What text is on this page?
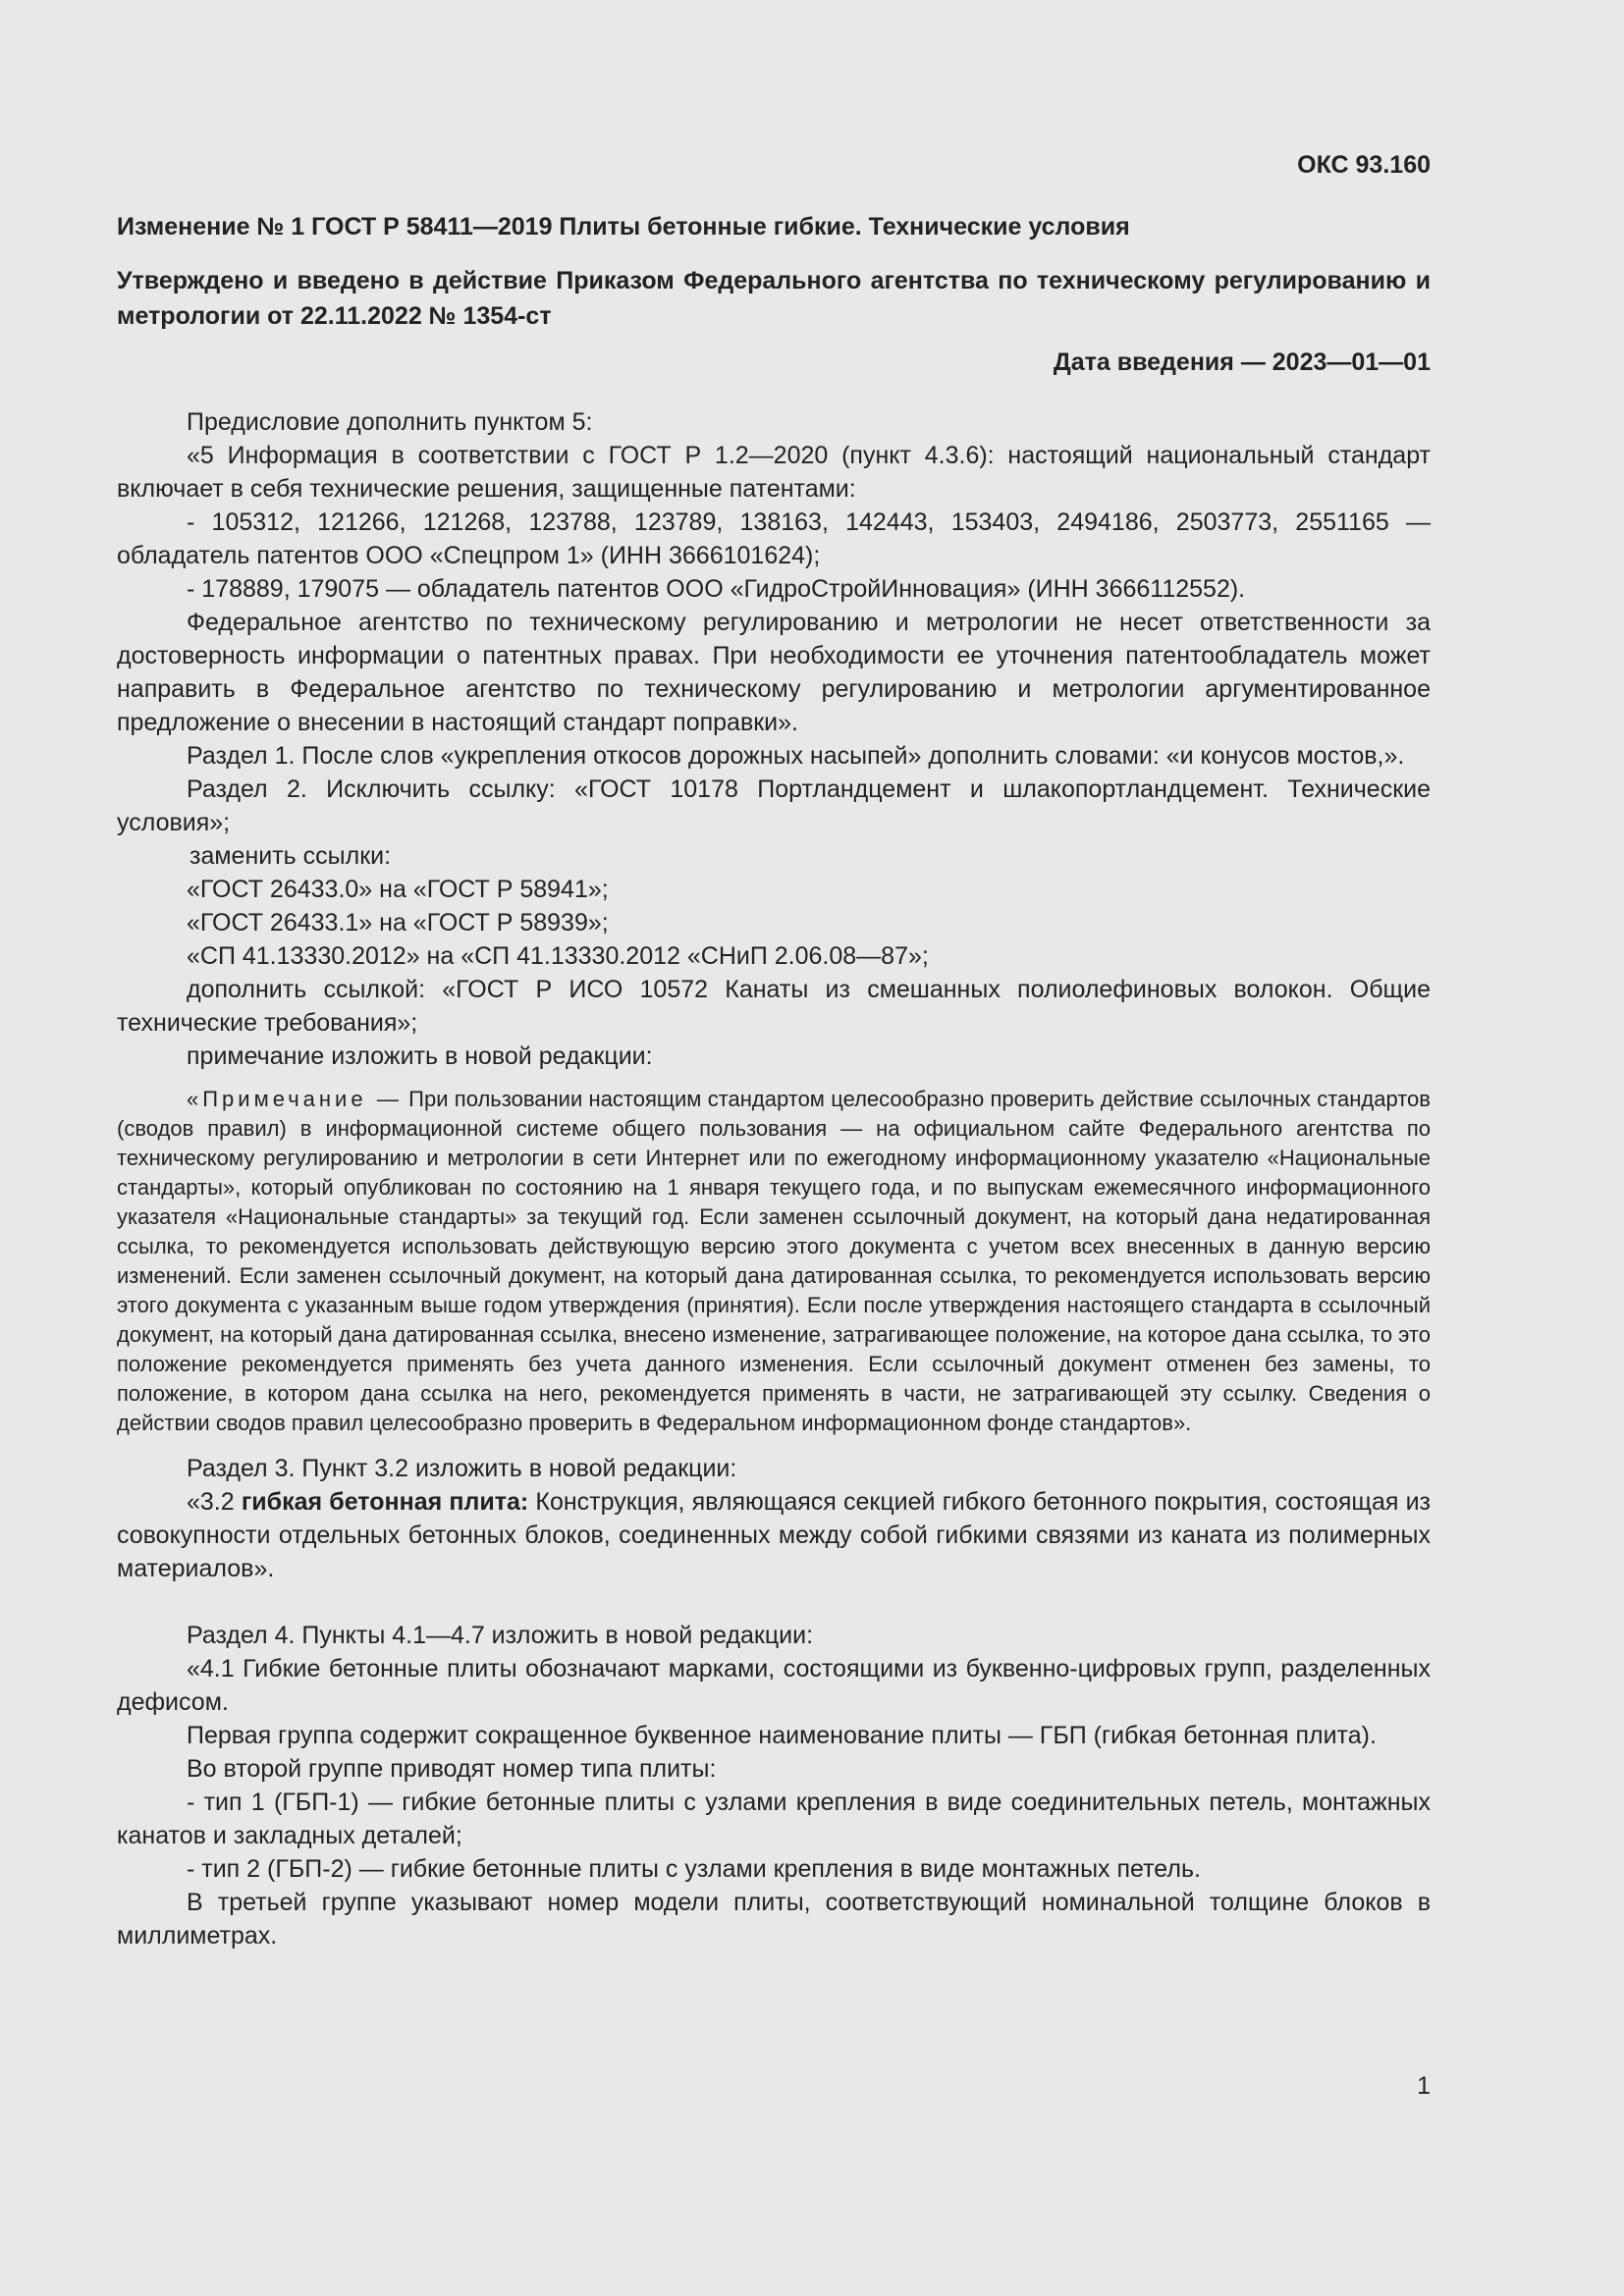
ОКС 93.160
Изменение № 1 ГОСТ Р 58411—2019 Плиты бетонные гибкие. Технические условия
Утверждено и введено в действие Приказом Федерального агентства по техническому регулированию и метрологии от 22.11.2022 № 1354-ст
Дата введения — 2023—01—01

Предисловие дополнить пунктом 5:

«5 Информация в соответствии с ГОСТ Р 1.2—2020 (пункт 4.3.6): настоящий национальный стандарт включает в себя технические решения, защищенные патентами:

- 105312, 121266, 121268, 123788, 123789, 138163, 142443, 153403, 2494186, 2503773, 2551165 — обладатель патентов ООО «Спецпром 1» (ИНН 3666101624);

- 178889, 179075 — обладатель патентов ООО «ГидроСтройИнновация» (ИНН 3666112552).

Федеральное агентство по техническому регулированию и метрологии не несет ответственности за достоверность информации о патентных правах. При необходимости ее уточнения патентообладатель может направить в Федеральное агентство по техническому регулированию и метрологии аргументированное предложение о внесении в настоящий стандарт поправки».

Раздел 1. После слов «укрепления откосов дорожных насыпей» дополнить словами: «и конусов мостов,».

Раздел 2. Исключить ссылку: «ГОСТ 10178 Портландцемент и шлакопортландцемент. Технические условия»;

заменить ссылки:

«ГОСТ 26433.0» на «ГОСТ Р 58941»;

«ГОСТ 26433.1» на «ГОСТ Р 58939»;

«СП 41.13330.2012» на «СП 41.13330.2012 «СНиП 2.06.08—87»;

дополнить ссылкой: «ГОСТ Р ИСО 10572 Канаты из смешанных полиолефиновых волокон. Общие технические требования»;

примечание изложить в новой редакции:

«Примечание — При пользовании настоящим стандартом целесообразно проверить действие ссылочных стандартов (сводов правил) в информационной системе общего пользования — на официальном сайте Федерального агентства по техническому регулированию и метрологии в сети Интернет или по ежегодному информационному указателю «Национальные стандарты», который опубликован по состоянию на 1 января текущего года, и по выпускам ежемесячного информационного указателя «Национальные стандарты» за текущий год. Если заменен ссылочный документ, на который дана недатированная ссылка, то рекомендуется использовать действующую версию этого документа с учетом всех внесенных в данную версию изменений. Если заменен ссылочный документ, на который дана датированная ссылка, то рекомендуется использовать версию этого документа с указанным выше годом утверждения (принятия). Если после утверждения настоящего стандарта в ссылочный документ, на который дана датированная ссылка, внесено изменение, затрагивающее положение, на которое дана ссылка, то это положение рекомендуется применять без учета данного изменения. Если ссылочный документ отменен без замены, то положение, в котором дана ссылка на него, рекомендуется применять в части, не затрагивающей эту ссылку. Сведения о действии сводов правил целесообразно проверить в Федеральном информационном фонде стандартов».

Раздел 3. Пункт 3.2 изложить в новой редакции:

«3.2 гибкая бетонная плита: Конструкция, являющаяся секцией гибкого бетонного покрытия, состоящая из совокупности отдельных бетонных блоков, соединенных между собой гибкими связями из каната из полимерных материалов».

Раздел 4. Пункты 4.1—4.7 изложить в новой редакции:

«4.1 Гибкие бетонные плиты обозначают марками, состоящими из буквенно-цифровых групп, разделенных дефисом.

Первая группа содержит сокращенное буквенное наименование плиты — ГБП (гибкая бетонная плита).

Во второй группе приводят номер типа плиты:

- тип 1 (ГБП-1) — гибкие бетонные плиты с узлами крепления в виде соединительных петель, монтажных канатов и закладных деталей;

- тип 2 (ГБП-2) — гибкие бетонные плиты с узлами крепления в виде монтажных петель.

В третьей группе указывают номер модели плиты, соответствующий номинальной толщине блоков в миллиметрах.

1
